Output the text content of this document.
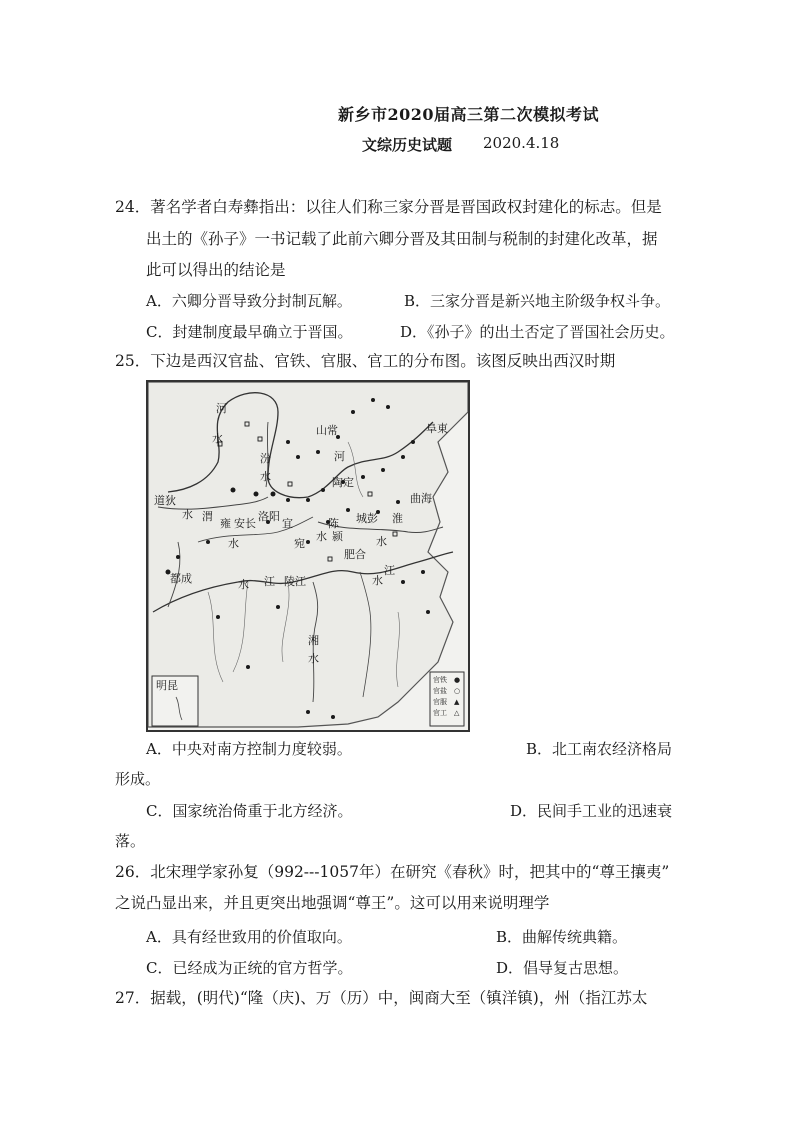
新乡市2020届高三第二次模拟考试
文综历史试题 2020.4.18
24．著名学者白寿彝指出：以往人们称三家分晋是晋国政权封建化的标志。但是
出土的《孙子》一书记载了此前六卿分晋及其田制与税制的封建化改革，据
此可以得出的结论是
A．六卿分晋导致分封制瓦解。	B．三家分晋是新兴地主阶级争权斗争。
C．封建制度最早确立于晋国。	D．《孙子》的出土否定了晋国社会历史。
25．下边是西汉官盐、官铁、官服、官工的分布图。该图反映出西汉时期
河
水
汾
水
山常
河
阜東
陶定
曲海
道狄
水 渭
雍 安长
洛阳
宜	陈 城彭 淮
水	宛
水 颍
肥合
水
都成	水 江 陵江
江
水
湘
水
明昆	官铁
官盐
官服
官工
●
○
▲
△
A．中央对南方控制力度较弱。	B．北工南农经济格局
形成。
C．国家统治倚重于北方经济。	D．民间手工业的迅速衰
落。
26．北宋理学家孙复（992---1057年）在研究《春秋》时，把其中的“尊王攘夷”
之说凸显出来，并且更突出地强调“尊王”。这可以用来说明理学
A．具有经世致用的价值取向。	B．曲解传统典籍。
C．已经成为正统的官方哲学。	D．倡导复古思想。
27．据载，(明代)“隆（庆)、万（历）中，闽商大至（镇洋镇)，州（指江苏太
